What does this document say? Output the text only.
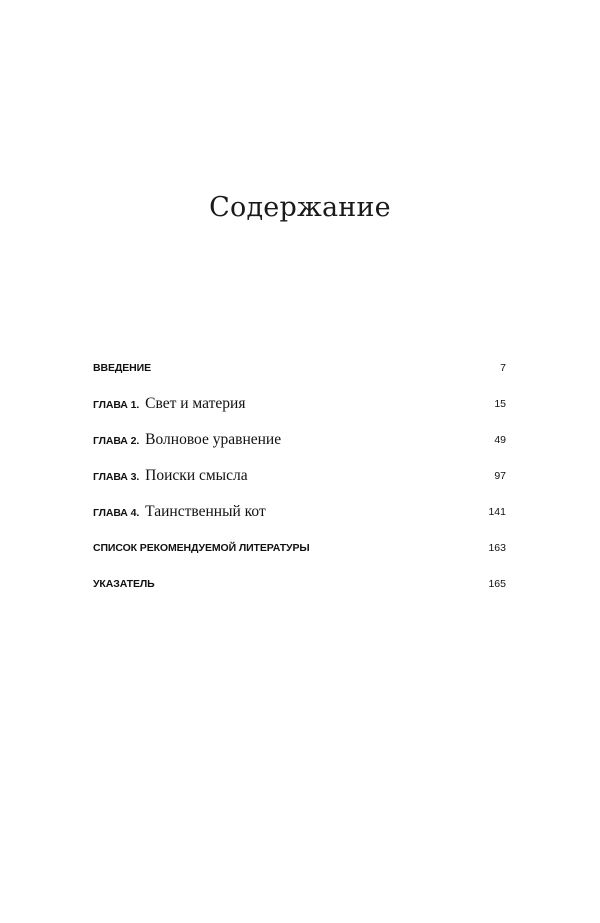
Содержание
ВВЕДЕНИЕ	7
ГЛАВА 1. Свет и материя	15
ГЛАВА 2. Волновое уравнение	49
ГЛАВА 3. Поиски смысла	97
ГЛАВА 4. Таинственный кот	141
СПИСОК РЕКОМЕНДУЕМОЙ ЛИТЕРАТУРЫ	163
УКАЗАТЕЛЬ	165
